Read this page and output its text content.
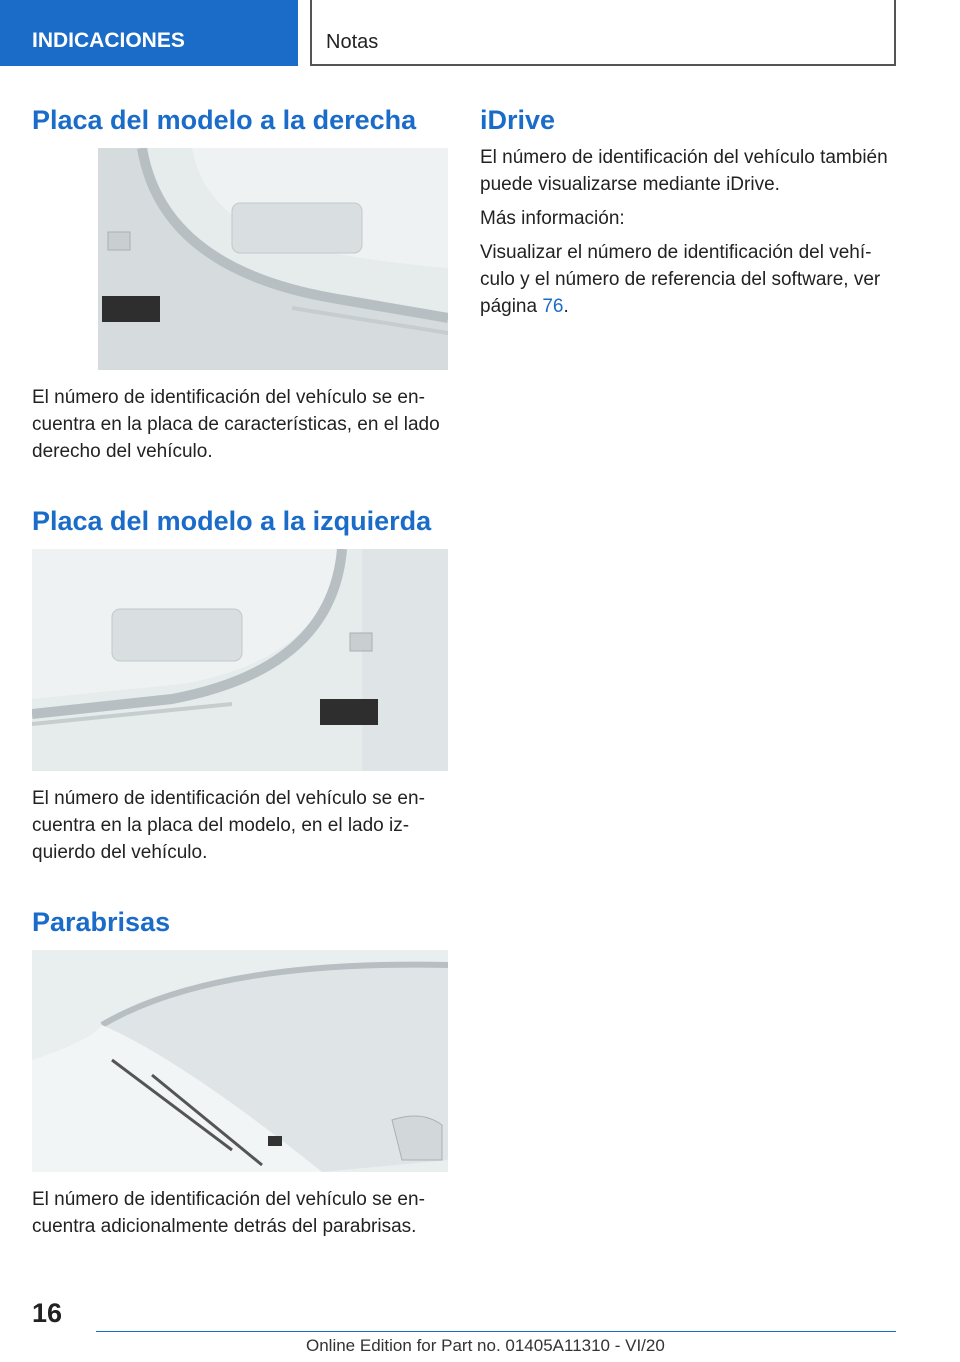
INDICACIONES	Notas
Placa del modelo a la derecha

El número de identificación del vehículo se en‐ cuentra en la placa de características, en el lado derecho del vehículo.

Placa del modelo a la izquierda

El número de identificación del vehículo se en‐ cuentra en la placa del modelo, en el lado iz‐ quierdo del vehículo.

Parabrisas

El número de identificación del vehículo se en‐ cuentra adicionalmente detrás del parabrisas.

iDrive

El número de identificación del vehículo también puede visualizarse mediante iDrive.

Más información:

Visualizar el número de identificación del vehí‐ culo y el número de referencia del software, ver página 76.

16
Online Edition for Part no. 01405A11310 - VI/20
